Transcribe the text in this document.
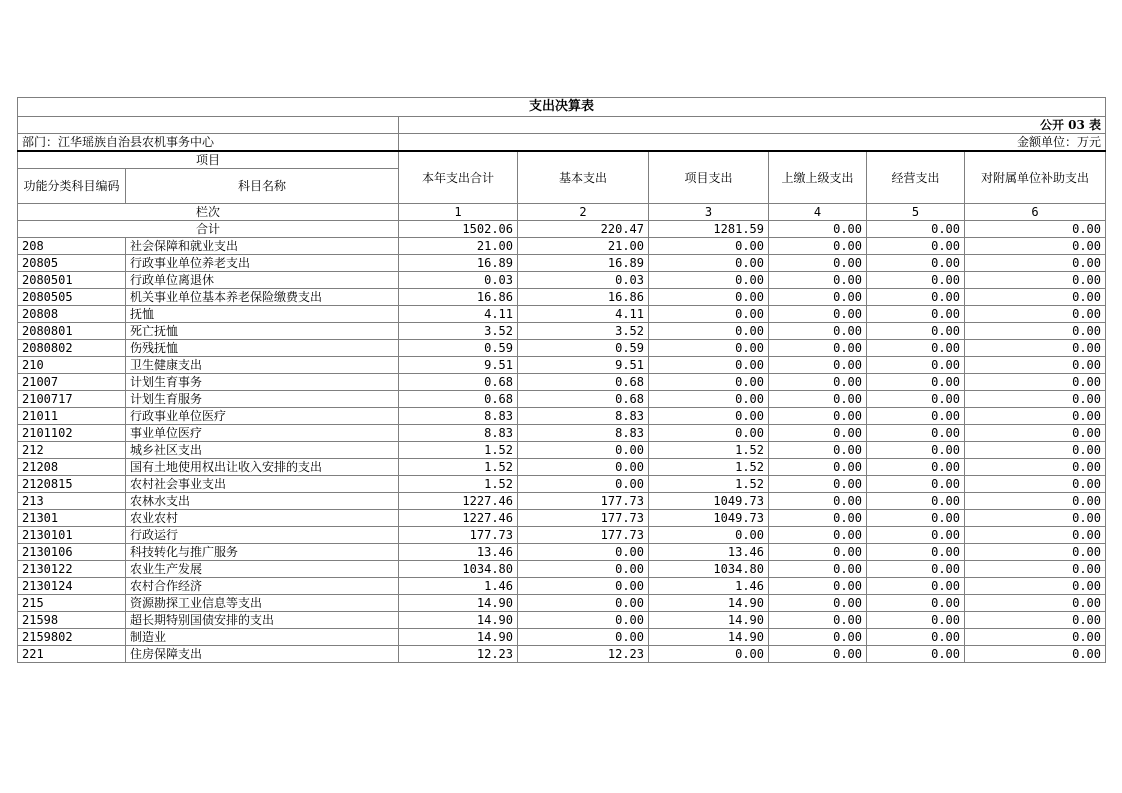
支出决算表							
		公开 03 表					
部门：江华瑶族自治县农机事务中心		金额单位：万元					
项目		本年支出合计	基本支出	项目支出	上缴上级支出	经营支出	对附属单位补助支出
功能分类科目编码	科目名称						
栏次		1	2	3	4	5	6
合计		1502.06	220.47	1281.59	0.00	0.00	0.00
208	社会保障和就业支出	21.00	21.00	0.00	0.00	0.00	0.00
20805	行政事业单位养老支出	16.89	16.89	0.00	0.00	0.00	0.00
2080501	行政单位离退休	0.03	0.03	0.00	0.00	0.00	0.00
2080505	机关事业单位基本养老保险缴费支出	16.86	16.86	0.00	0.00	0.00	0.00
20808	抚恤	4.11	4.11	0.00	0.00	0.00	0.00
2080801	死亡抚恤	3.52	3.52	0.00	0.00	0.00	0.00
2080802	伤残抚恤	0.59	0.59	0.00	0.00	0.00	0.00
210	卫生健康支出	9.51	9.51	0.00	0.00	0.00	0.00
21007	计划生育事务	0.68	0.68	0.00	0.00	0.00	0.00
2100717	计划生育服务	0.68	0.68	0.00	0.00	0.00	0.00
21011	行政事业单位医疗	8.83	8.83	0.00	0.00	0.00	0.00
2101102	事业单位医疗	8.83	8.83	0.00	0.00	0.00	0.00
212	城乡社区支出	1.52	0.00	1.52	0.00	0.00	0.00
21208	国有土地使用权出让收入安排的支出	1.52	0.00	1.52	0.00	0.00	0.00
2120815	农村社会事业支出	1.52	0.00	1.52	0.00	0.00	0.00
213	农林水支出	1227.46	177.73	1049.73	0.00	0.00	0.00
21301	农业农村	1227.46	177.73	1049.73	0.00	0.00	0.00
2130101	行政运行	177.73	177.73	0.00	0.00	0.00	0.00
2130106	科技转化与推广服务	13.46	0.00	13.46	0.00	0.00	0.00
2130122	农业生产发展	1034.80	0.00	1034.80	0.00	0.00	0.00
2130124	农村合作经济	1.46	0.00	1.46	0.00	0.00	0.00
215	资源勘探工业信息等支出	14.90	0.00	14.90	0.00	0.00	0.00
21598	超长期特别国债安排的支出	14.90	0.00	14.90	0.00	0.00	0.00
2159802	制造业	14.90	0.00	14.90	0.00	0.00	0.00
221	住房保障支出	12.23	12.23	0.00	0.00	0.00	0.00
